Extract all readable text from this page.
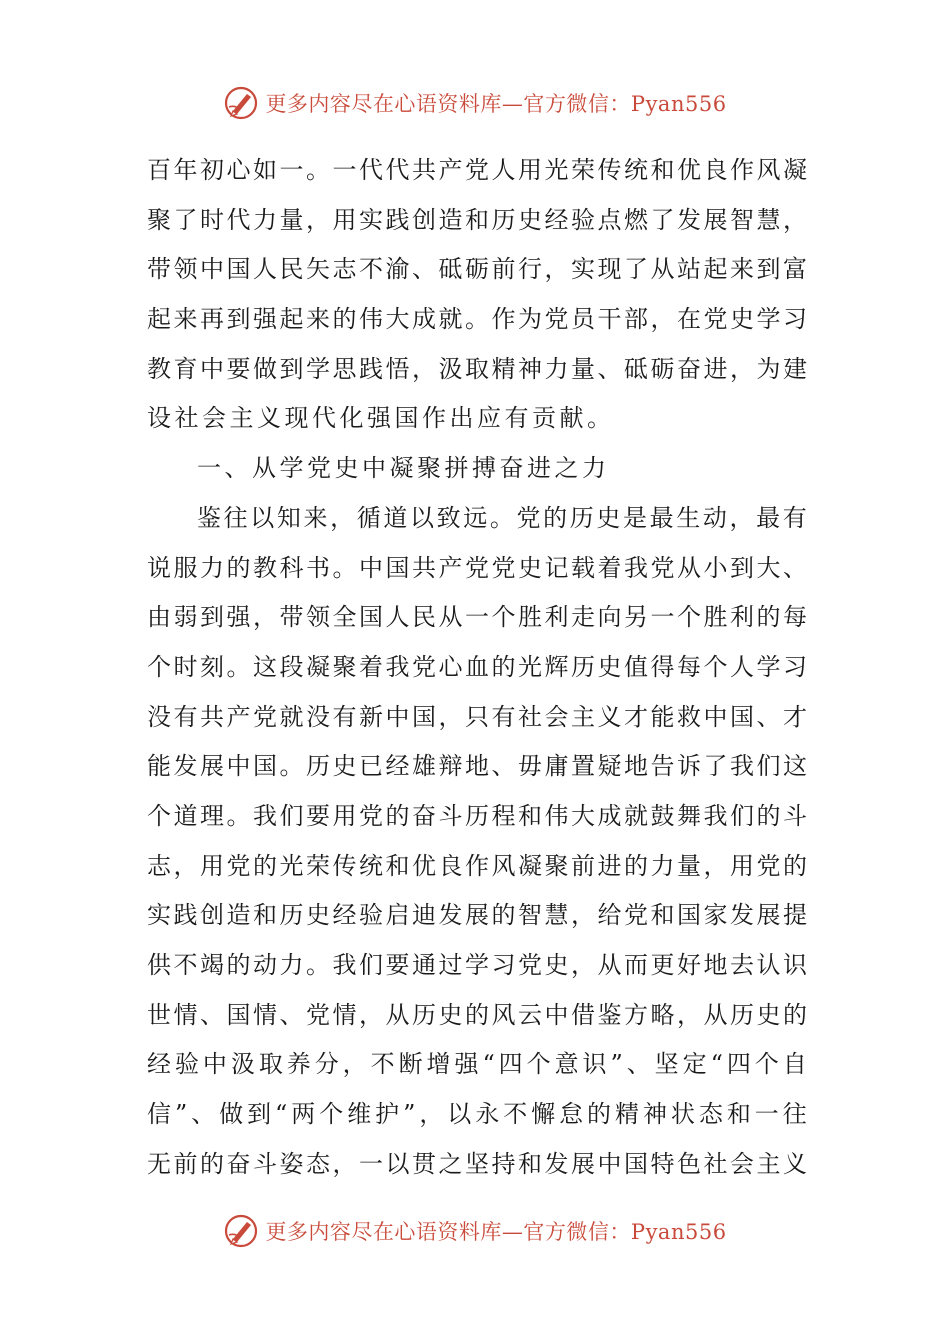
更多内容尽在心语资料库—官方微信：Pyan556
百 年 初 心 如 一 。 一 代 代 共 产 党 人 用 光 荣 传 统 和 优 良 作 风 凝
聚 了 时 代 力 量 ， 用 实 践 创 造 和 历 史 经 验 点 燃 了 发 展 智 慧 ，
带 领 中 国 人 民 矢 志 不 渝 、 砥 砺 前 行 ， 实 现 了 从 站 起 来 到 富
起 来 再 到 强 起 来 的 伟 大 成 就 。 作 为 党 员 干 部 ， 在 党 史 学 习
教 育 中 要 做 到 学 思 践 悟 ， 汲 取 精 神 力 量 、 砥 砺 奋 进 ， 为 建
设社会主义现代化强国作出应有贡献。
一、从学党史中凝聚拼搏奋进之力
鉴 往 以 知 来 ， 循 道 以 致 远 。 党 的 历 史 是 最 生 动 ， 最 有
说 服 力 的 教 科 书 。 中 国 共 产 党 党 史 记 载 着 我 党 从 小 到 大 、
由 弱 到 强 ， 带 领 全 国 人 民 从 一 个 胜 利 走 向 另 一 个 胜 利 的 每
个 时 刻 。 这 段 凝 聚 着 我 党 心 血 的 光 辉 历 史 值 得 每 个 人 学 习
没 有 共 产 党 就 没 有 新 中 国 ， 只 有 社 会 主 义 才 能 救 中 国 、 才
能 发 展 中 国 。 历 史 已 经 雄 辩 地 、 毋 庸 置 疑 地 告 诉 了 我 们 这
个 道 理 。 我 们 要 用 党 的 奋 斗 历 程 和 伟 大 成 就 鼓 舞 我 们 的 斗
志 ， 用 党 的 光 荣 传 统 和 优 良 作 风 凝 聚 前 进 的 力 量 ， 用 党 的
实 践 创 造 和 历 史 经 验 启 迪 发 展 的 智 慧 ， 给 党 和 国 家 发 展 提
供 不 竭 的 动 力 。 我 们 要 通 过 学 习 党 史 ， 从 而 更 好 地 去 认 识
世 情 、 国 情 、 党 情 ， 从 历 史 的 风 云 中 借 鉴 方 略 ， 从 历 史 的
经 验 中 汲 取 养 分 ， 不 断 增 强 “ 四 个 意 识 ” 、 坚 定 “ 四 个 自
信 ” 、 做 到 “ 两 个 维 护 ” ， 以 永 不 懈 怠 的 精 神 状 态 和 一 往
无 前 的 奋 斗 姿 态 ， 一 以 贯 之 坚 持 和 发 展 中 国 特 色 社 会 主 义
更多内容尽在心语资料库—官方微信：Pyan556
